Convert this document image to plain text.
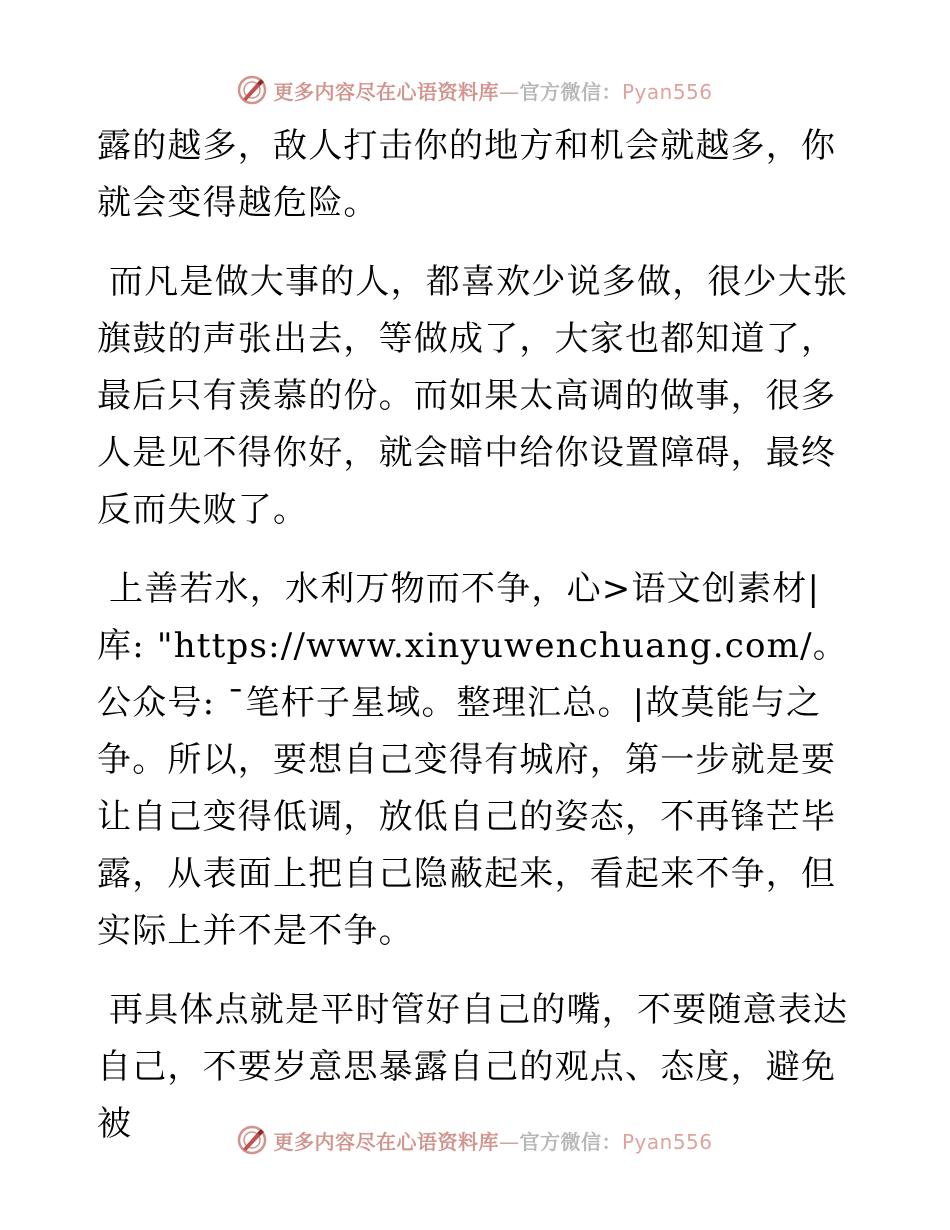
更多内容尽在心语资料库—官方微信：Pyan556

露的越多，敌人打击你的地方和机会就越多，你就会变得越危险。

而凡是做大事的人，都喜欢少说多做，很少大张旗鼓的声张出去，等做成了，大家也都知道了，最后只有羡慕的份。而如果太高调的做事，很多人是见不得你好，就会暗中给你设置障碍，最终反而失败了。

上善若水，水利万物而不争，心>语文创素材|库: "https://www.xinyuwenchuang.com/。公众号: ¯笔杆子星域。整理汇总。|故莫能与之争。所以，要想自己变得有城府，第一步就是要让自己变得低调，放低自己的姿态，不再锋芒毕露，从表面上把自己隐蔽起来，看起来不争，但实际上并不是不争。

再具体点就是平时管好自己的嘴，不要随意表达自己，不要岁意思暴露自己的观点、态度，避免被	更多内容尽在心语资料库—官方微信：Pyan556
